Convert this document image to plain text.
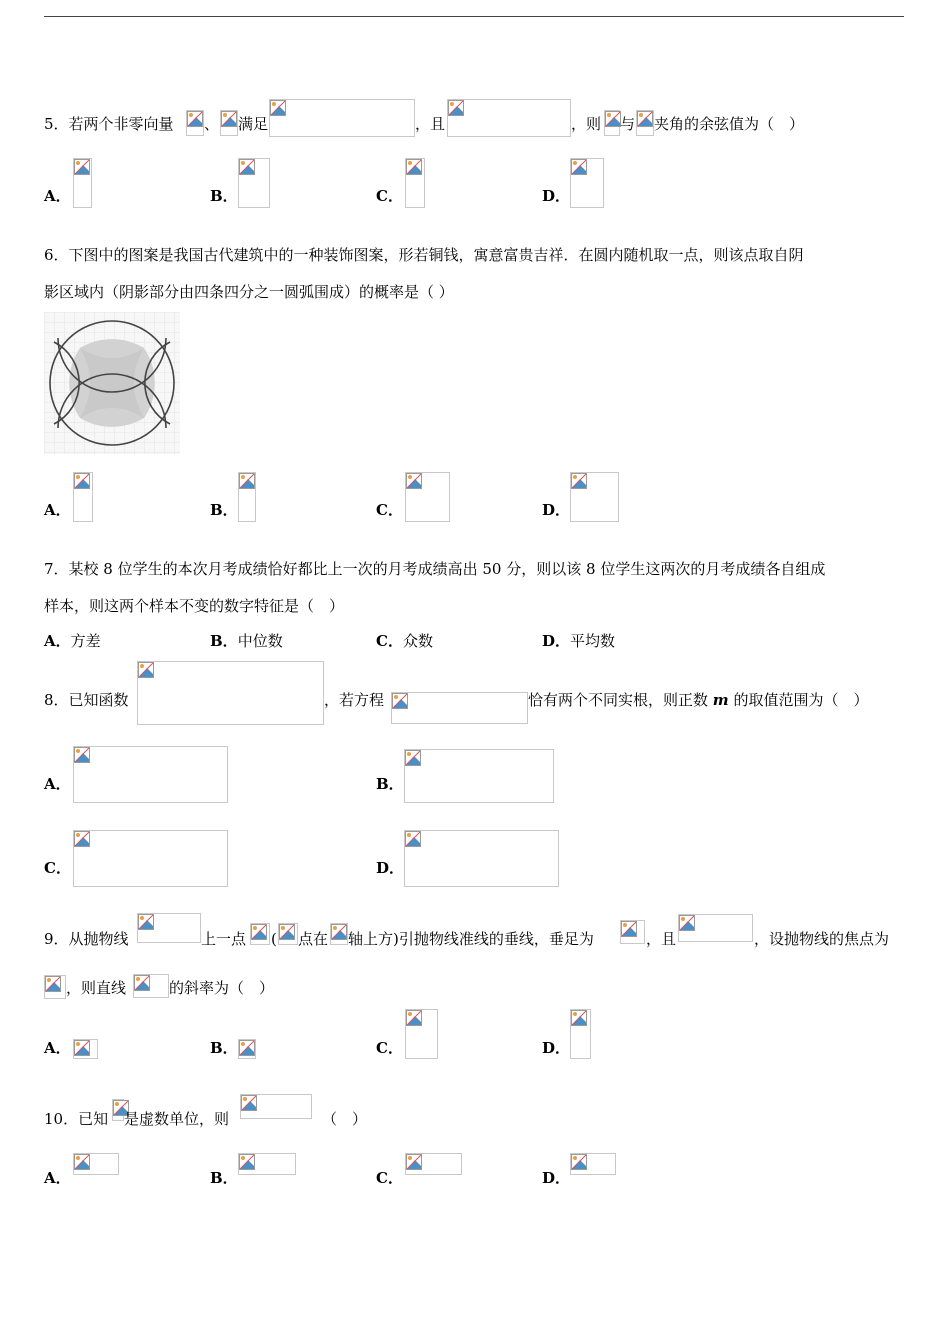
5．若两个非零向量 、 满足	，且	，则 与 夹角的余弦值为（　）
A．	B．	C．	D．
6．下图中的图案是我国古代建筑中的一种装饰图案，形若铜钱，寓意富贵吉祥．在圆内随机取一点，则该点取自阴
影区域内（阴影部分由四条四分之一圆弧围成）的概率是（ ）
A．	B．	C．	D．
7．某校 8 位学生的本次月考成绩恰好都比上一次的月考成绩高出 50 分，则以该 8 位学生这两次的月考成绩各自组成
样本，则这两个样本不变的数字特征是（　）
A．方差	B．中位数	C．众数	D．平均数
8．已知函数	，若方程	恰有两个不同实根，则正数 m 的取值范围为（　）
A．	B．
C．	D．
9．从抛物线	上一点 ( 点在 轴上方)引抛物线准线的垂线，垂足为	，且	，设抛物线的焦点为
，则直线	的斜率为（　）
A．	B．	C．	D．
10．已知 是虚数单位，则	（　）
A．	B．	C．	D．
